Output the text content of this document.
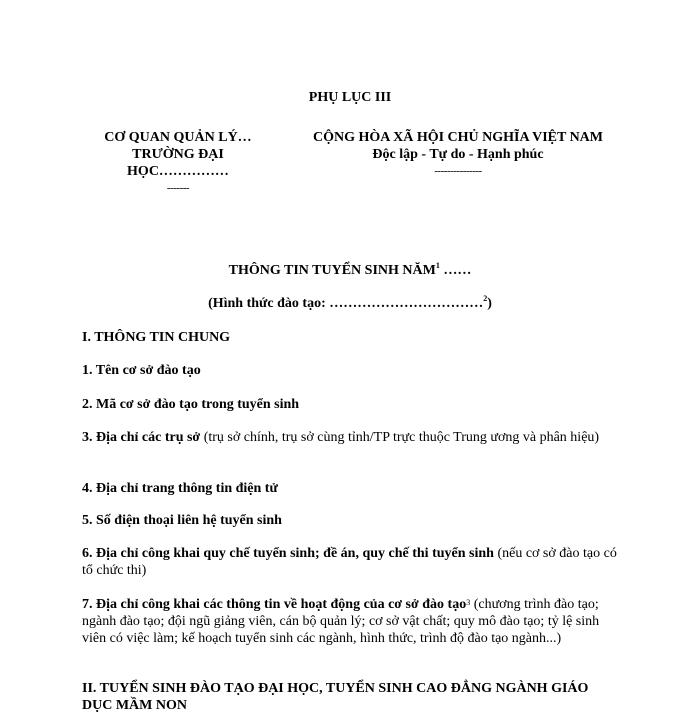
PHỤ LỤC III
CƠ QUAN QUẢN LÝ…
TRƯỜNG ĐẠI
HỌC……………
-------
CỘNG HÒA XÃ HỘI CHỦ NGHĨA VIỆT NAM
Độc lập - Tự do - Hạnh phúc
---------------
THÔNG TIN TUYỂN SINH NĂM$^1$ ……
(Hình thức đào tạo: ……………………………$^2$)
I. THÔNG TIN CHUNG
1. Tên cơ sở đào tạo
2. Mã cơ sở đào tạo trong tuyển sinh
3. Địa chỉ các trụ sở (trụ sở chính, trụ sở cùng tỉnh/TP trực thuộc Trung ương và phân hiệu)
4. Địa chỉ trang thông tin điện tử
5. Số điện thoại liên hệ tuyển sinh
6. Địa chỉ công khai quy chế tuyển sinh; đề án, quy chế thi tuyển sinh (nếu cơ sở đào tạo có tổ chức thi)
7. Địa chỉ công khai các thông tin về hoạt động của cơ sở đào tạo$^3$ (chương trình đào tạo; ngành đào tạo; đội ngũ giảng viên, cán bộ quản lý; cơ sở vật chất; quy mô đào tạo; tỷ lệ sinh viên có việc làm; kế hoạch tuyển sinh các ngành, hình thức, trình độ đào tạo ngành...)
II. TUYỂN SINH ĐÀO TẠO ĐẠI HỌC, TUYỂN SINH CAO ĐẲNG NGÀNH GIÁO DỤC MẦM NON
